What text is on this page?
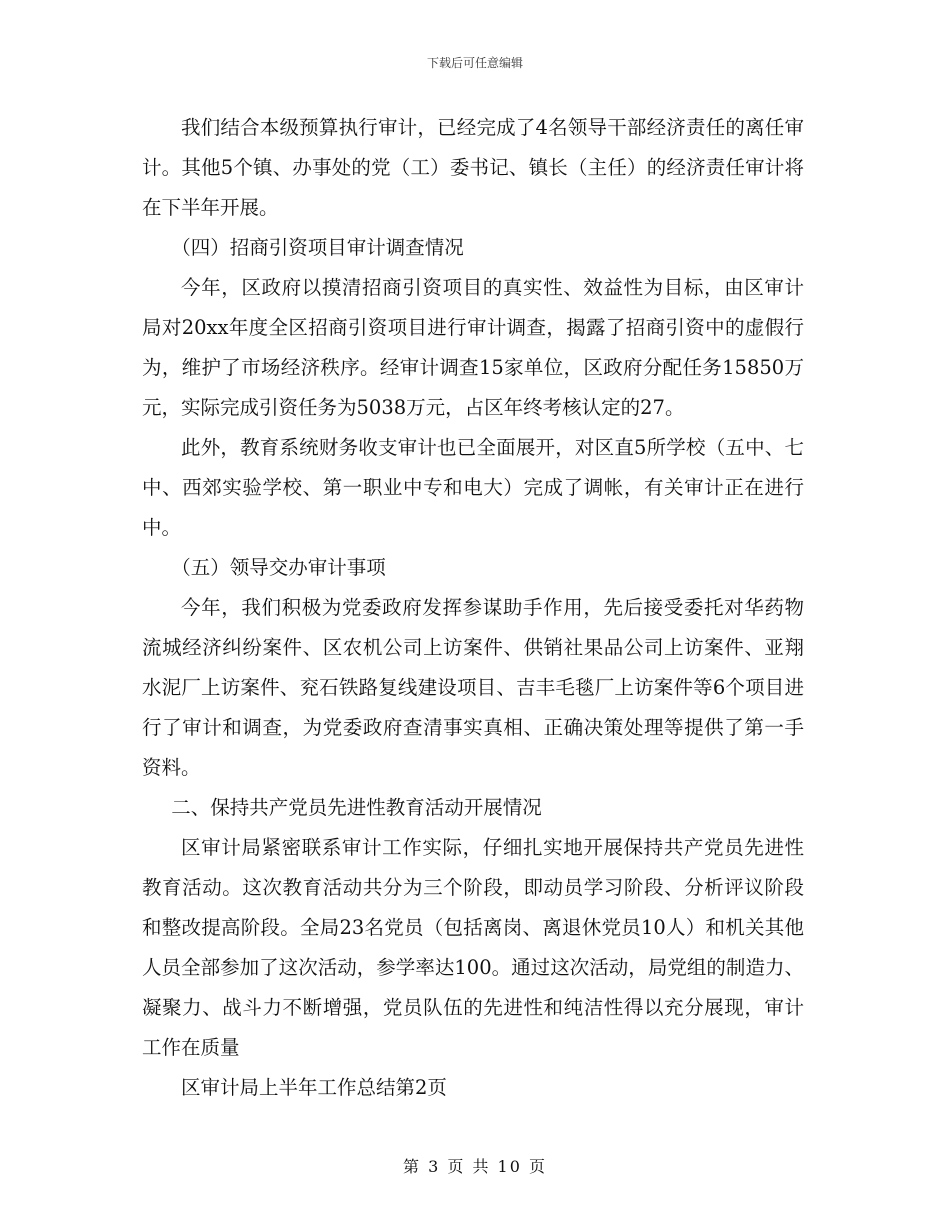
下载后可任意编辑

我们结合本级预算执行审计，已经完成了4名领导干部经济责任的离任审计。其他5个镇、办事处的党（工）委书记、镇长（主任）的经济责任审计将在下半年开展。

（四）招商引资项目审计调查情况

今年，区政府以摸清招商引资项目的真实性、效益性为目标，由区审计局对20xx年度全区招商引资项目进行审计调查，揭露了招商引资中的虚假行为，维护了市场经济秩序。经审计调查15家单位，区政府分配任务15850万元，实际完成引资任务为5038万元，占区年终考核认定的27。

此外，教育系统财务收支审计也已全面展开，对区直5所学校（五中、七中、西郊实验学校、第一职业中专和电大）完成了调帐，有关审计正在进行中。

（五）领导交办审计事项

今年，我们积极为党委政府发挥参谋助手作用，先后接受委托对华药物流城经济纠纷案件、区农机公司上访案件、供销社果品公司上访案件、亚翔水泥厂上访案件、兖石铁路复线建设项目、吉丰毛毯厂上访案件等6个项目进行了审计和调查，为党委政府查清事实真相、正确决策处理等提供了第一手资料。

二、保持共产党员先进性教育活动开展情况

区审计局紧密联系审计工作实际，仔细扎实地开展保持共产党员先进性教育活动。这次教育活动共分为三个阶段，即动员学习阶段、分析评议阶段和整改提高阶段。全局23名党员（包括离岗、离退休党员10人）和机关其他人员全部参加了这次活动，参学率达100。通过这次活动，局党组的制造力、凝聚力、战斗力不断增强，党员队伍的先进性和纯洁性得以充分展现，审计工作在质量

区审计局上半年工作总结第2页

第 3 页 共 10 页
